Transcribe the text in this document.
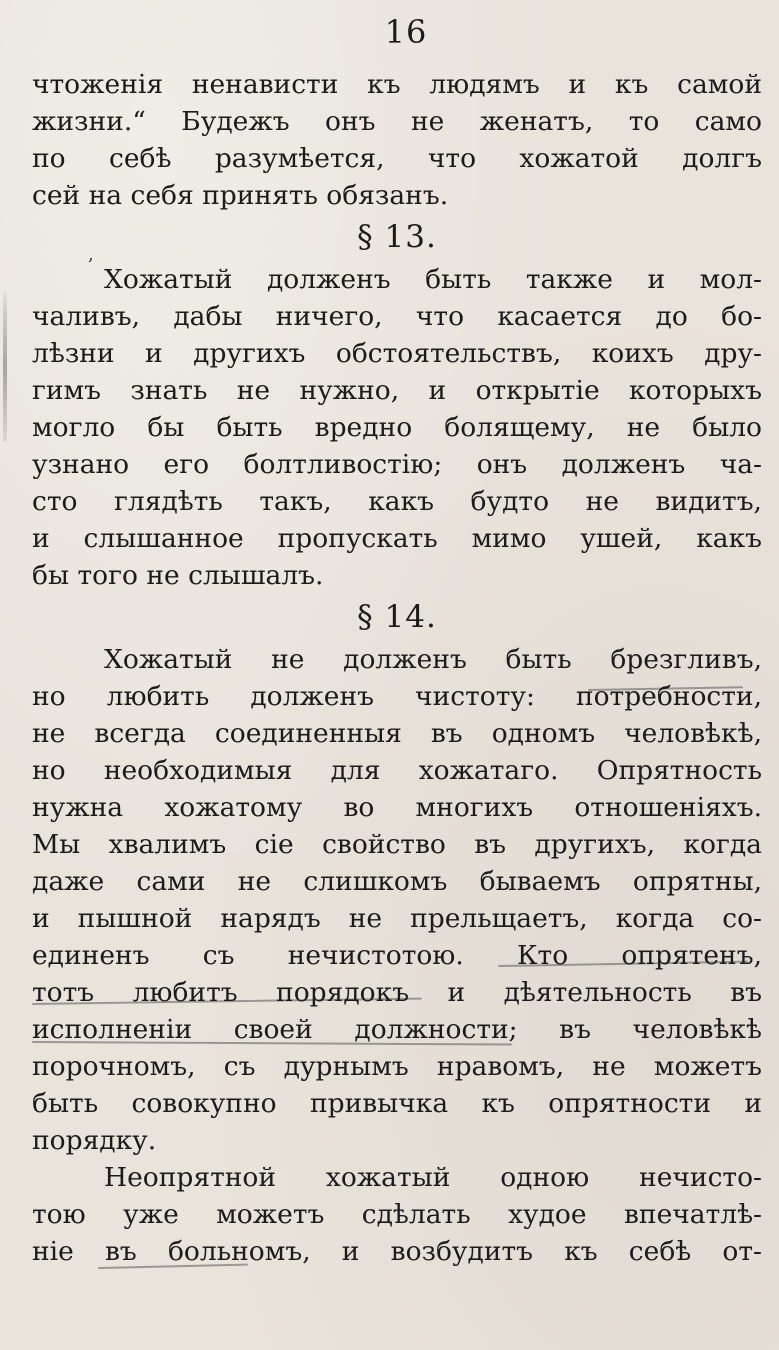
,
16
чтоженія ненависти къ людямъ и къ самой
жизни.“ Будежъ онъ не женатъ, то само
по себѣ разумѣется, что хожатой долгъ
сей на себя принять обязанъ.
§ 13.
Хожатый долженъ быть также и мол-
чаливъ, дабы ничего, что касается до бо-
лѣзни и другихъ обстоятельствъ, коихъ дру-
гимъ знать не нужно, и открытіе которыхъ
могло бы быть вредно болящему, не было
узнано его болтливостію; онъ долженъ ча-
сто глядѣть такъ, какъ будто не видитъ,
и слышанное пропускать мимо ушей, какъ
бы того не слышалъ.
§ 14.
Хожатый не долженъ быть брезгливъ,
но любить долженъ чистоту: потребности,
не всегда соединенныя въ одномъ человѣкѣ,
но необходимыя для хожатаго. Опрятность
нужна хожатому во многихъ отношеніяхъ.
Мы хвалимъ сіе свойство въ другихъ, когда
даже сами не слишкомъ бываемъ опрятны,
и пышной нарядъ не прельщаетъ, когда со-
единенъ съ нечистотою. Кто опрятенъ,
тотъ любитъ порядокъ и дѣятельность въ
исполненіи своей должности; въ человѣкѣ
порочномъ, съ дурнымъ нравомъ, не можетъ
быть совокупно привычка къ опрятности и
порядку.
Неопрятной хожатый одною нечисто-
тою уже можетъ сдѣлать худое впечатлѣ-
ніе въ больномъ, и возбудитъ къ себѣ от-
